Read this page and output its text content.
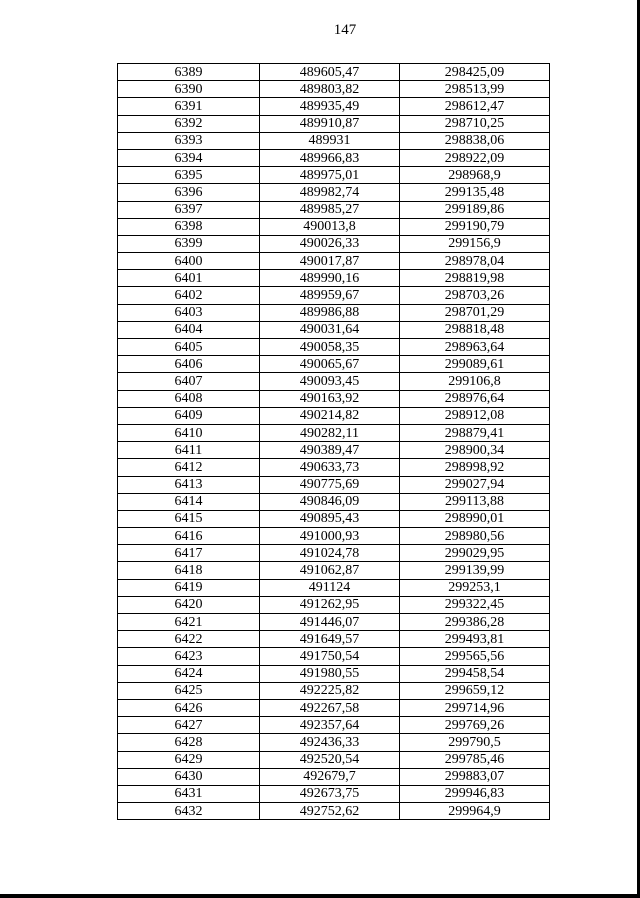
147
6389	489605,47	298425,09
6390	489803,82	298513,99
6391	489935,49	298612,47
6392	489910,87	298710,25
6393	489931	298838,06
6394	489966,83	298922,09
6395	489975,01	298968,9
6396	489982,74	299135,48
6397	489985,27	299189,86
6398	490013,8	299190,79
6399	490026,33	299156,9
6400	490017,87	298978,04
6401	489990,16	298819,98
6402	489959,67	298703,26
6403	489986,88	298701,29
6404	490031,64	298818,48
6405	490058,35	298963,64
6406	490065,67	299089,61
6407	490093,45	299106,8
6408	490163,92	298976,64
6409	490214,82	298912,08
6410	490282,11	298879,41
6411	490389,47	298900,34
6412	490633,73	298998,92
6413	490775,69	299027,94
6414	490846,09	299113,88
6415	490895,43	298990,01
6416	491000,93	298980,56
6417	491024,78	299029,95
6418	491062,87	299139,99
6419	491124	299253,1
6420	491262,95	299322,45
6421	491446,07	299386,28
6422	491649,57	299493,81
6423	491750,54	299565,56
6424	491980,55	299458,54
6425	492225,82	299659,12
6426	492267,58	299714,96
6427	492357,64	299769,26
6428	492436,33	299790,5
6429	492520,54	299785,46
6430	492679,7	299883,07
6431	492673,75	299946,83
6432	492752,62	299964,9
